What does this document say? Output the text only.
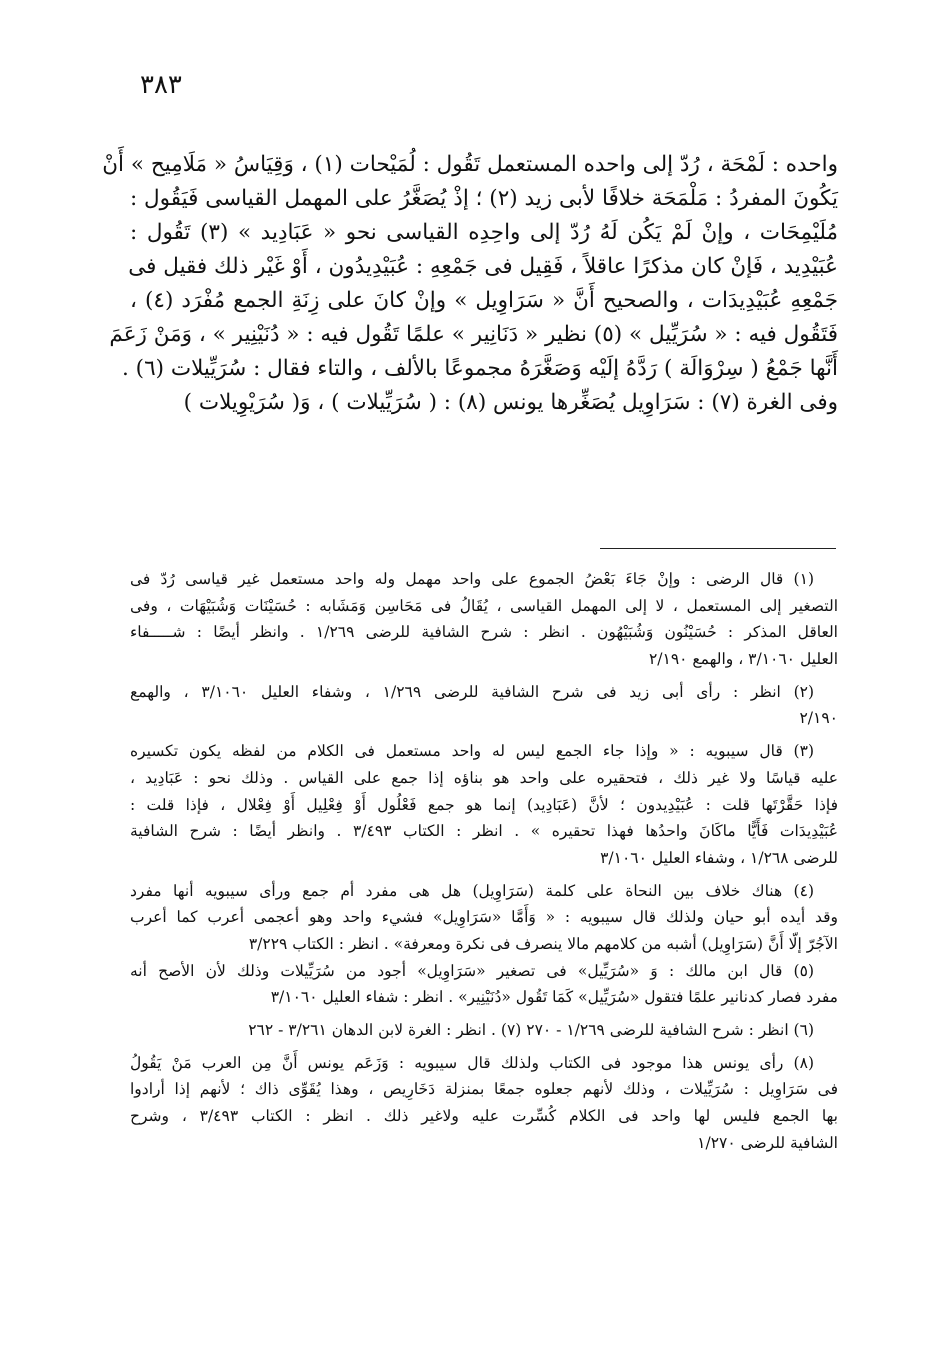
٣٨٣
واحده : لَمْحَة ، رُدّ إلى واحده المستعمل تَقُول : لُمَيْحات (١) ، وَقِيَاسُ « مَلَامِيح » أَنْ
يَكُونَ المفردُ : مَلْمَحَة خلافًا لأبى زيد (٢) ؛ إذْ يُصَغَّرُ على المهمل القياسى فَيَقُول :
مُلَيْمِحَات ، وإنْ لَمْ يَكُن لَهُ رُدّ إلى واحِدِه القياسى نحو « عَبَادِيد » (٣) تَقُول :
عُبَيْدِيد ، فَإنْ كان مذكرًا عاقلاً ، فَقِيل فى جَمْعِهِ : عُبَيْدِيدُون ، أَوْ غَيْر ذلك فقيل فى
جَمْعِهِ عُبَيْدِيدَات ، والصحيح أَنَّ « سَرَاوِيل » وإنْ كانَ على زِنَةِ الجمع مُفْرَد (٤) ،
فَتَقُول فيه : « سُرَيِّيل » (٥) نظير « دَنَانِير » علمًا تَقُول فيه : « دُنَيْنِير » ، وَمَنْ زَعَمَ
أَنَّها جَمْعُ ( سِرْوَالَة ) رَدَّهُ إلَيْه وَصَغَّرَهُ مجموعًا بالألف ، والتاء فقال : سُرَيِّيلات (٦) .
وفى الغرة (٧) : سَرَاوِيل يُصَغِّرها يونس (٨) : ( سُرَيِّيلات ) ، وَ( سُرَيْوِيلات )
(١) قال الرضى : وإنْ جَاءَ بَعْضُ الجموع على واحد مهمل وله واحد مستعمل غير قياسى رُدّ فى
التصغير إلى المستعمل ، لا إلى المهمل القياسى ، يُقَالُ فى مَحَاسِن وَمَشَابه : حُسَيْنَات وَشُبَيْهَات ، وفى
العاقل المذكر : حُسَيْنُون وَشُبَيْهُون . انظر : شرح الشافية للرضى ١/٢٦٩ . وانظر أيضًا : شـــــفاء
العليل ٣/١٠٦٠ ، والهمع ٢/١٩٠
(٢) انظر : رأى أبى زيد فى شرح الشافية للرضى ١/٢٦٩ ، وشفاء العليل ٣/١٠٦٠ ، والهمع
٢/١٩٠
(٣) قال سيبويه : « وإذا جاء الجمع ليس له واحد مستعمل فى الكلام من لفظه يكون تكسيره
عليه قياسًا ولا غير ذلك ، فتحقيره على واحد هو بناؤه إذا جمع على القياس . وذلك نحو : عَبَادِيد ،
فإذا حَقَّرْتَها قلت : عُبَيْدِيدون ؛ لأنَّ (عَبَادِيد) إنما هو جمع فَعْلُول أَوْ فِعْلِيل أَوْ فِعْلال ، فإذا قلت :
عُبَيْدِيدَات فَأَيًّا ماكَانَ واحدُها فهذا تحقيره » . انظر : الكتاب ٣/٤٩٣ . وانظر أيضًا : شرح الشافية
للرضى ١/٢٦٨ ، وشفاء العليل ٣/١٠٦٠
(٤) هناك خلاف بين النحاة على كلمة (سَرَاوِيل) هل هى مفرد أم جمع ورأى سيبويه أنها مفرد
وقد أيده أبو حيان ولذلك قال سيبويه : « وَأَمَّا «سَرَاوِيل» فشيء واحد وهو أعجمى أعرب كما أعرب
الآجُرّ إلّا أَنَّ (سَرَاوِيل) أشبه من كلامهم مالا ينصرف فى نكرة ومعرفة» . انظر : الكتاب ٣/٢٢٩
(٥) قال ابن مالك : وَ «سُرَيِّيل» فى تصغير «سَرَاوِيل» أجود من سُرَيِّيلات وذلك لأن الأصح أنه
مفرد فصار كدنانير علمًا فتقول «سُرَيِّيل» كَمَا تَقُول «دُنَيْنِير» . انظر : شفاء العليل ٣/١٠٦٠
(٦) انظر : شرح الشافية للرضى ١/٢٦٩ - ٢٧٠ (٧) . انظر : الغرة لابن الدهان ٣/٢٦١ - ٢٦٢
(٨) رأى يونس هذا موجود فى الكتاب ولذلك قال سيبويه : وَزَعَم يونس أَنَّ مِن العرب مَنْ يَقُولُ
فى سَرَاوِيل : سُرَيِّيلات ، وذلك لأنهم جعلوه جمعًا بمنزلة دَخَارِيص ، وهذا يُقَوِّى ذاك ؛ لأنهم إذا أرادوا
بها الجمع فليس لها واحد فى الكلام كُسِّرت عليه ولاغير ذلك . انظر : الكتاب ٣/٤٩٣ ، وشرح
الشافية للرضى ١/٢٧٠
